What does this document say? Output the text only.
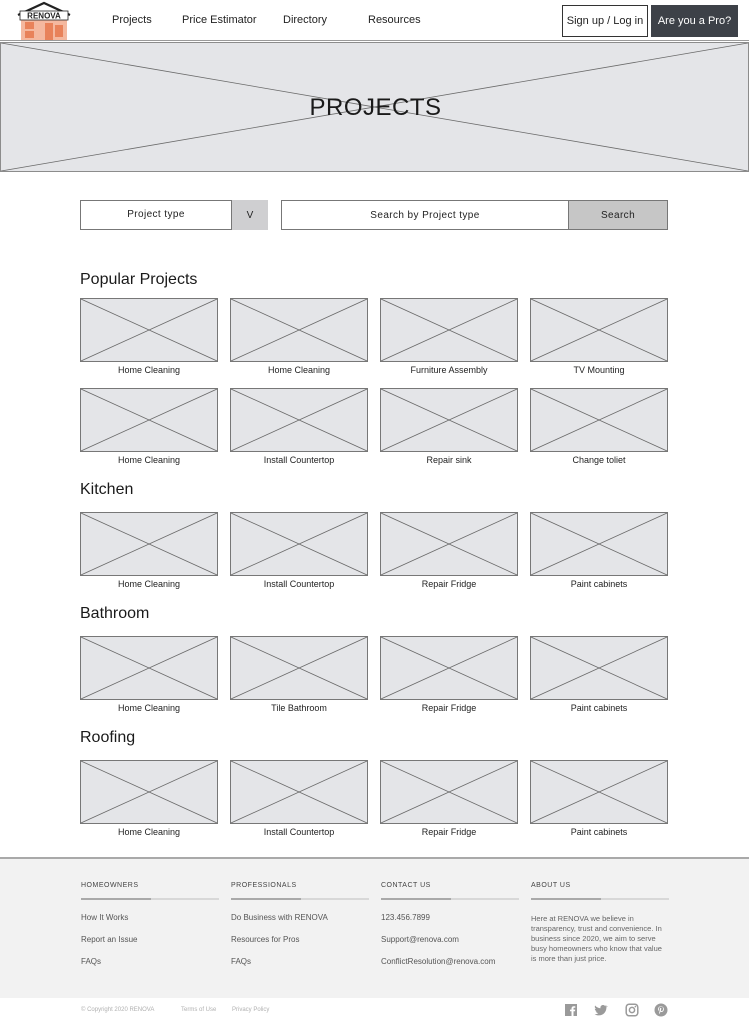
RENOVA	Projects	Price Estimator Directory	Resources	Sign up / Log in	Are you a Pro?
PROJECTS
Project type	V
Search by Project type	Search
Popular Projects
Kitchen
Bathroom
Roofing
Home Cleaning	Home Cleaning	Furniture Assembly	TV Mounting
Home Cleaning	Install Countertop	Repair sink	Change toliet
Home Cleaning	Install Countertop	Repair Fridge	Paint cabinets
Home Cleaning	Tile Bathroom	Repair Fridge	Paint cabinets
Home Cleaning	Install Countertop	Repair Fridge	Paint cabinets
HOMEOWNERS
How It Works
Report an Issue
FAQs
PROFESSIONALS
Do Business with RENOVA
Resources for Pros
FAQs
CONTACT US
123.456.7899
Support@renova.com
ConflictResolution@renova.com
ABOUT US
Here at RENOVA we believe in transparency, trust and convenience. In business since 2020, we aim to serve busy homeowners who know that value is more than just price.
© Copyright 2020 RENOVA	Terms of Use	Privacy Policy
